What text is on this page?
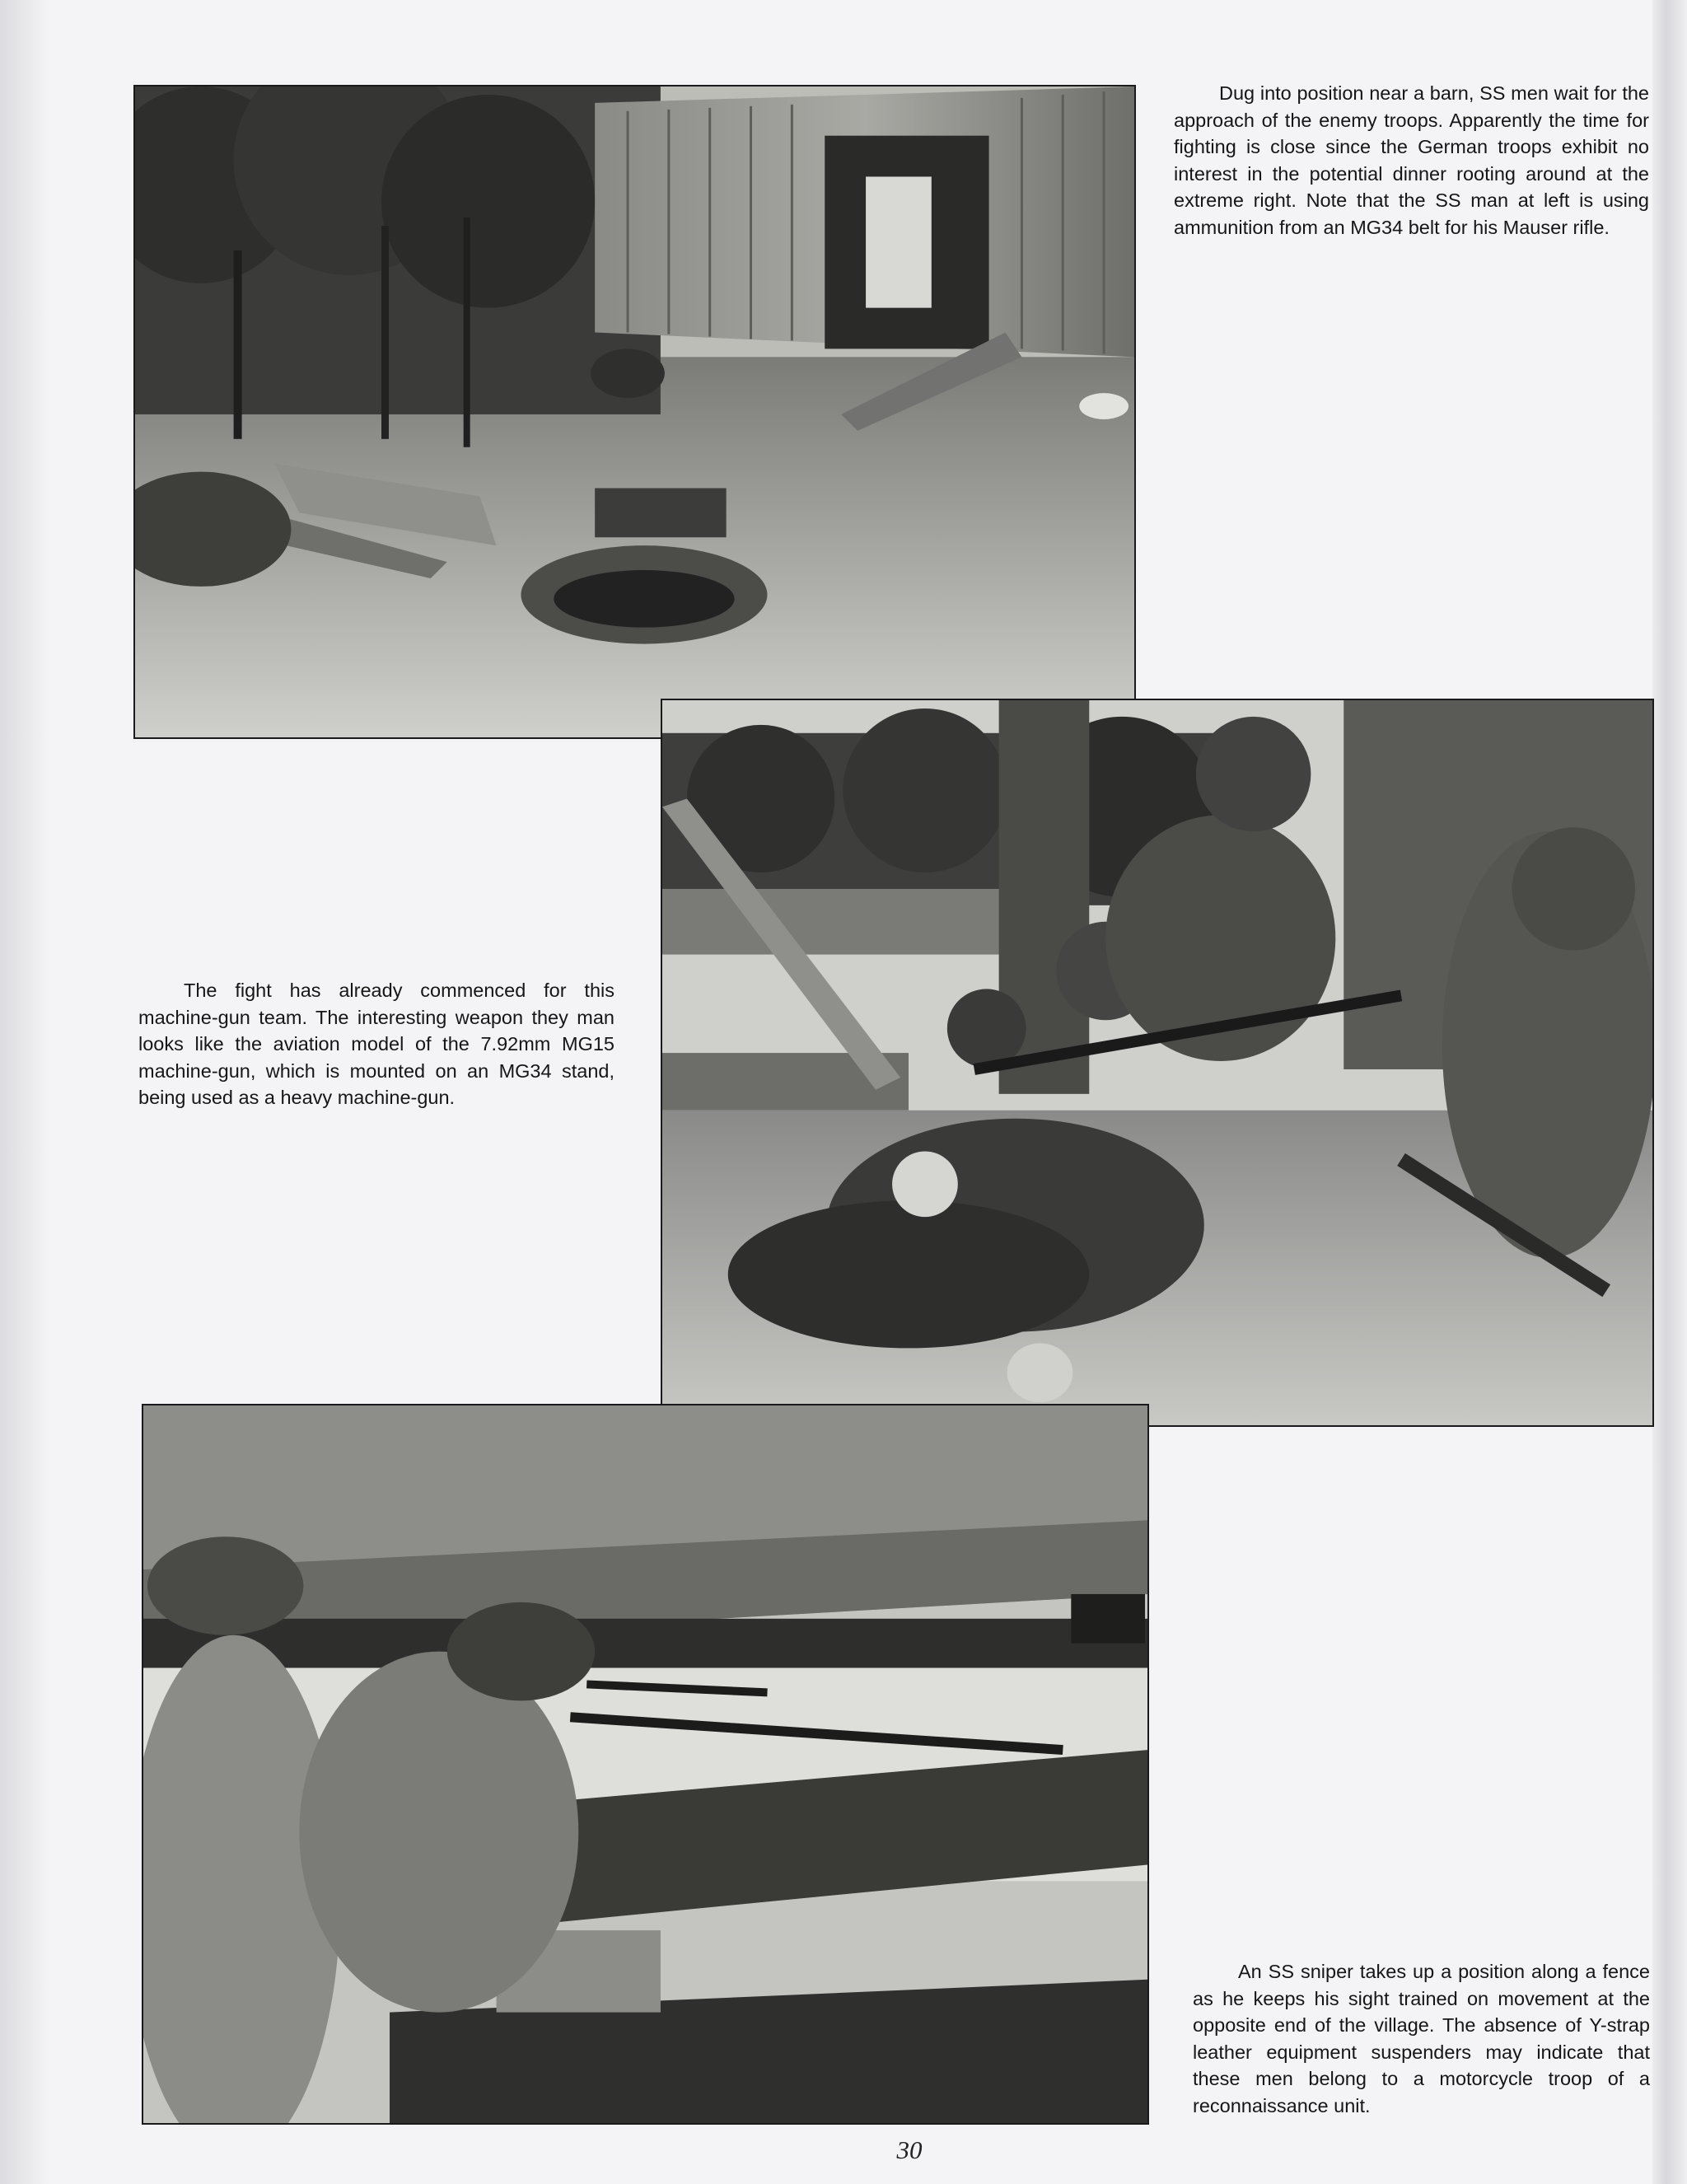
Dug into position near a barn, SS men wait for the approach of the enemy troops. Apparently the time for fighting is close since the German troops exhibit no interest in the potential dinner rooting around at the extreme right. Note that the SS man at left is using ammunition from an MG34 belt for his Mauser rifle.

The fight has already commenced for this machine-gun team. The interesting weapon they man looks like the aviation model of the 7.92mm MG15 machine-gun, which is mounted on an MG34 stand, being used as a heavy machine-gun.

An SS sniper takes up a position along a fence as he keeps his sight trained on movement at the opposite end of the village. The absence of Y-strap leather equipment suspenders may indicate that these men belong to a motorcycle troop of a reconnaissance unit.

30
